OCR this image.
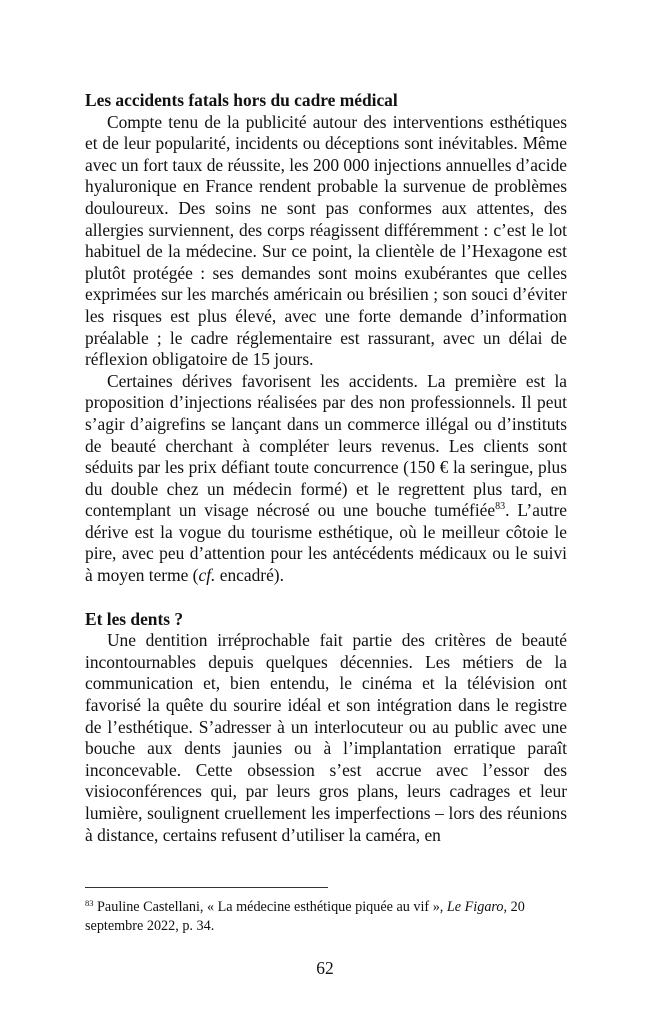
Les accidents fatals hors du cadre médical

Compte tenu de la publicité autour des interventions esthétiques et de leur popularité, incidents ou déceptions sont inévitables. Même avec un fort taux de réussite, les 200 000 injections annuelles d’acide hyaluronique en France rendent probable la survenue de problèmes douloureux. Des soins ne sont pas conformes aux attentes, des allergies surviennent, des corps réagissent différemment : c’est le lot habituel de la médecine. Sur ce point, la clientèle de l’Hexagone est plutôt protégée : ses demandes sont moins exubérantes que celles exprimées sur les marchés américain ou brésilien ; son souci d’éviter les risques est plus élevé, avec une forte demande d’information préalable ; le cadre réglementaire est rassurant, avec un délai de réflexion obligatoire de 15 jours.

Certaines dérives favorisent les accidents. La première est la proposition d’injections réalisées par des non professionnels. Il peut s’agir d’aigrefins se lançant dans un commerce illégal ou d’instituts de beauté cherchant à compléter leurs revenus. Les clients sont séduits par les prix défiant toute concurrence (150 € la seringue, plus du double chez un médecin formé) et le regrettent plus tard, en contemplant un visage nécrosé ou une bouche tuméfiée$^{83}$. L’autre dérive est la vogue du tourisme esthétique, où le meilleur côtoie le pire, avec peu d’attention pour les antécédents médicaux ou le suivi à moyen terme (cf. encadré).

Et les dents ?

Une dentition irréprochable fait partie des critères de beauté incontournables depuis quelques décennies. Les métiers de la communication et, bien entendu, le cinéma et la télévision ont favorisé la quête du sourire idéal et son intégration dans le registre de l’esthétique. S’adresser à un interlocuteur ou au public avec une bouche aux dents jaunies ou à l’implantation erratique paraît inconcevable. Cette obsession s’est accrue avec l’essor des visioconférences qui, par leurs gros plans, leurs cadrages et leur lumière, soulignent cruellement les imperfections – lors des réunions à distance, certains refusent d’utiliser la caméra, en

$^{83}$ Pauline Castellani, « La médecine esthétique piquée au vif », Le Figaro, 20 septembre 2022, p. 34.
62
